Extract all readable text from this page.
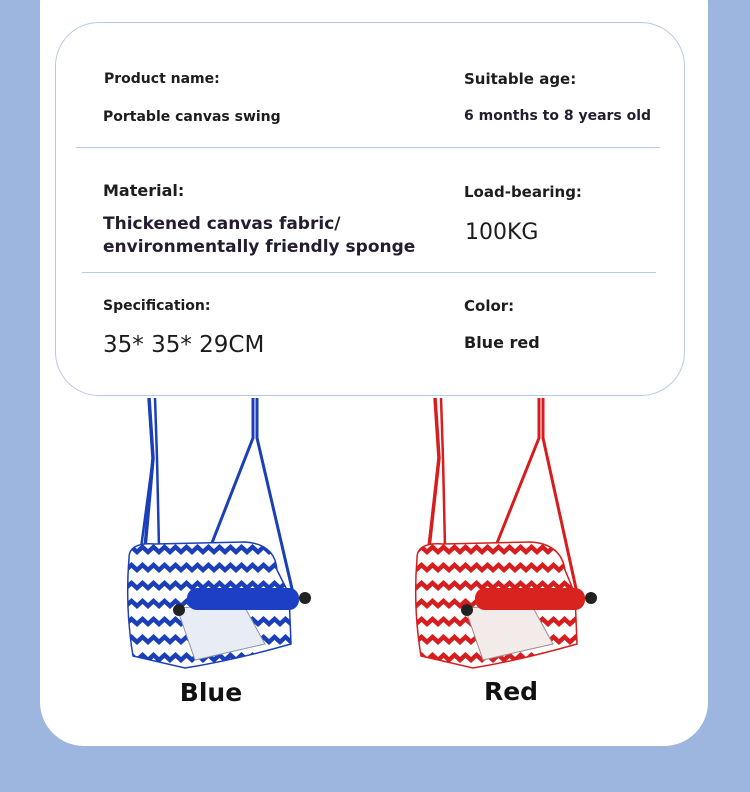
Product name:
Portable canvas swing
Suitable age:
6 months to 8 years old
Material:
Thickened canvas fabric/
environmentally friendly sponge
Load-bearing:
100KG
Specification:
35* 35* 29CM
Color:
Blue red
Blue	Red
